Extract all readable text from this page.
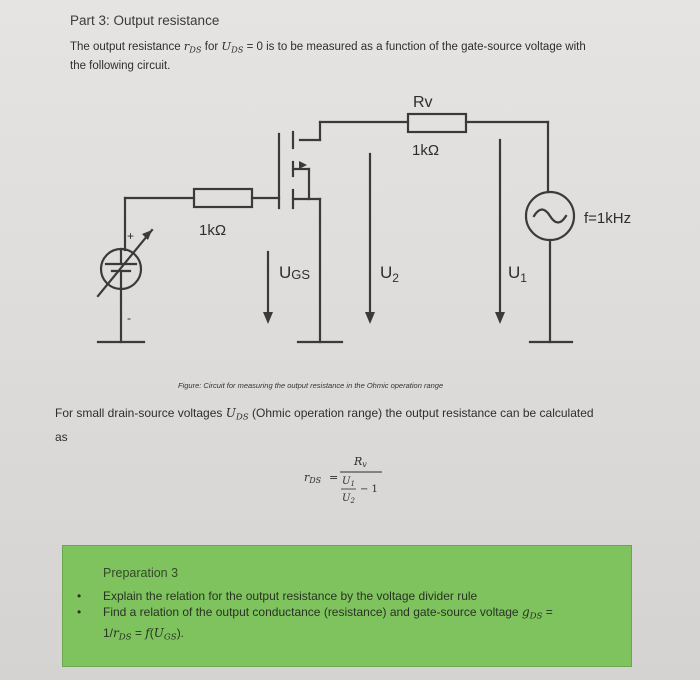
Part 3: Output resistance
The output resistance $r_{DS}$ for $U_{DS} = 0$ is to be measured as a function of the gate-source voltage with
the following circuit.
Rv
1kΩ
1kΩ
UGS	$U_2$	$U_1$
f=1kHz
+
-
Figure: Circuit for measuring the output resistance in the Ohmic operation range
For small drain-source voltages $U_{DS}$ (Ohmic operation range) the output resistance can be calculated
as
rDS =
Rv
$U_1$
$U_2$
− 1
Preparation 3
• Explain the relation for the output resistance by the voltage divider rule
• Find a relation of the output conductance (resistance) and gate-source voltage $g_{DS}$ =
$1/r_{DS} = f(U_{GS})$.
